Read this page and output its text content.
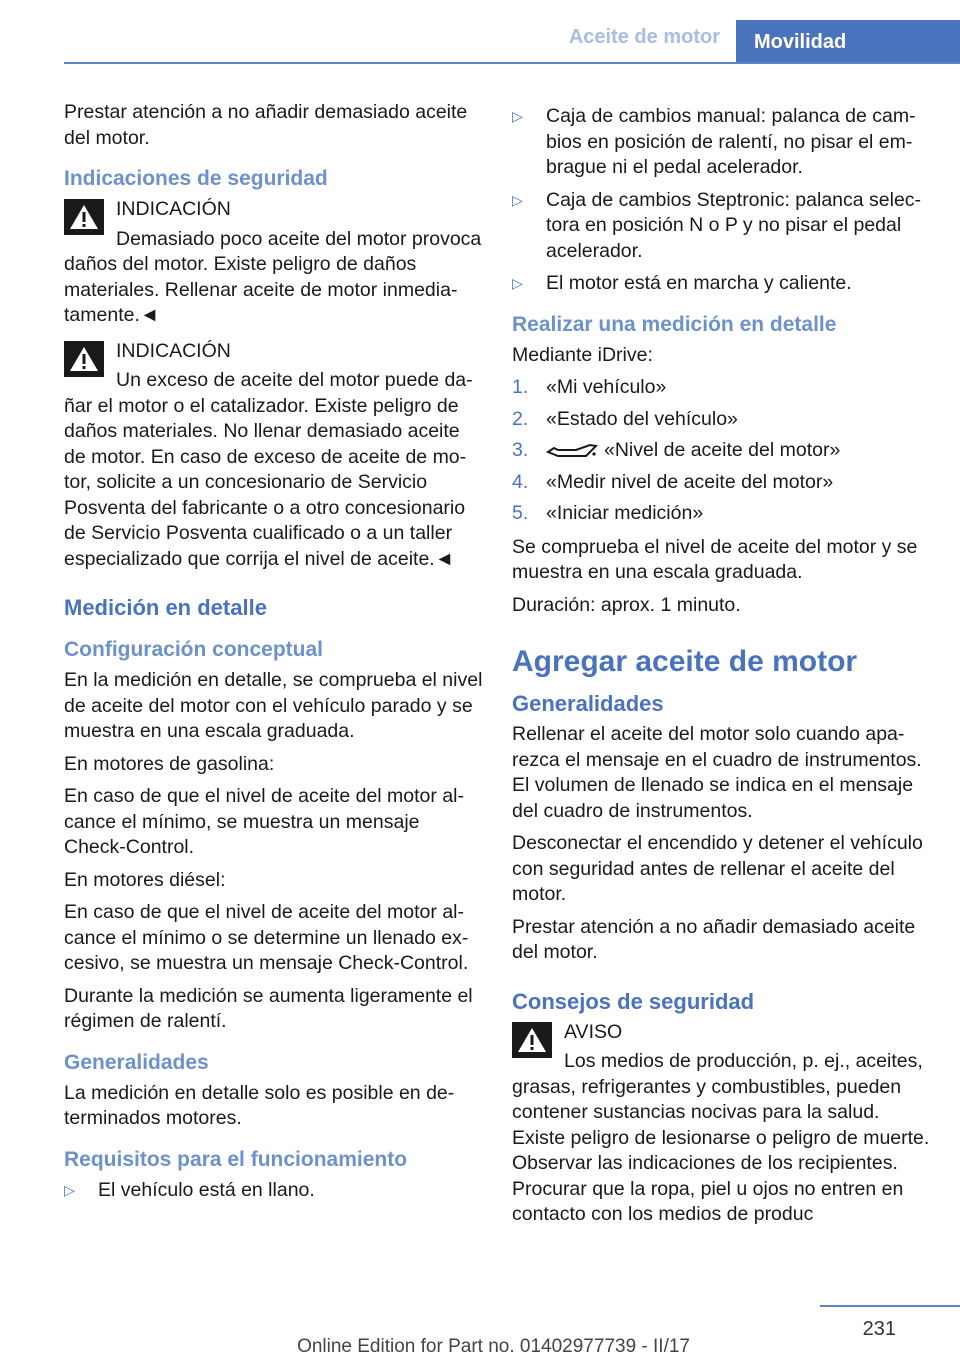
Aceite de motor Movilidad

Prestar atención a no añadir demasiado aceite del motor.

Indicaciones de seguridad
INDICACIÓN
Demasiado poco aceite del motor provoca daños del motor. Existe peligro de daños materiales. Rellenar aceite de motor inmediatamente.◄
INDICACIÓN
Un exceso de aceite del motor puede dañar el motor o el catalizador. Existe peligro de daños materiales. No llenar demasiado aceite de motor. En caso de exceso de aceite de motor, solicite a un concesionario de Servicio Posventa del fabricante o a otro concesionario de Servicio Posventa cualificado o a un taller especializado que corrija el nivel de aceite.◄
Medición en detalle
Configuración conceptual

En la medición en detalle, se comprueba el nivel de aceite del motor con el vehículo parado y se muestra en una escala graduada.

En motores de gasolina:

En caso de que el nivel de aceite del motor alcance el mínimo, se muestra un mensaje Check-Control.

En motores diésel:

En caso de que el nivel de aceite del motor alcance el mínimo o se determine un llenado excesivo, se muestra un mensaje Check-Control.

Durante la medición se aumenta ligeramente el régimen de ralentí.

Generalidades

La medición en detalle solo es posible en determinados motores.

Requisitos para el funcionamiento
▷ El vehículo está en llano.
▷ Caja de cambios manual: palanca de cambios en posición de ralentí, no pisar el embrague ni el pedal acelerador.
▷ Caja de cambios Steptronic: palanca selectora en posición N o P y no pisar el pedal acelerador.
▷ El motor está en marcha y caliente.
Realizar una medición en detalle

Mediante iDrive:

1. «Mi vehículo»
2. «Estado del vehículo»
3.	«Nivel de aceite del motor»
4. «Medir nivel de aceite del motor»
5. «Iniciar medición»

Se comprueba el nivel de aceite del motor y se muestra en una escala graduada.

Duración: aprox. 1 minuto.

Agregar aceite de motor
Generalidades

Rellenar el aceite del motor solo cuando aparezca el mensaje en el cuadro de instrumentos. El volumen de llenado se indica en el mensaje del cuadro de instrumentos.

Desconectar el encendido y detener el vehículo con seguridad antes de rellenar el aceite del motor.

Prestar atención a no añadir demasiado aceite del motor.

Consejos de seguridad
AVISO
Los medios de producción, p. ej., aceites, grasas, refrigerantes y combustibles, pueden contener sustancias nocivas para la salud. Existe peligro de lesionarse o peligro de muerte. Observar las indicaciones de los recipientes. Procurar que la ropa, piel u ojos no entren en contacto con los medios de produc
231
Online Edition for Part no. 01402977739 - II/17
